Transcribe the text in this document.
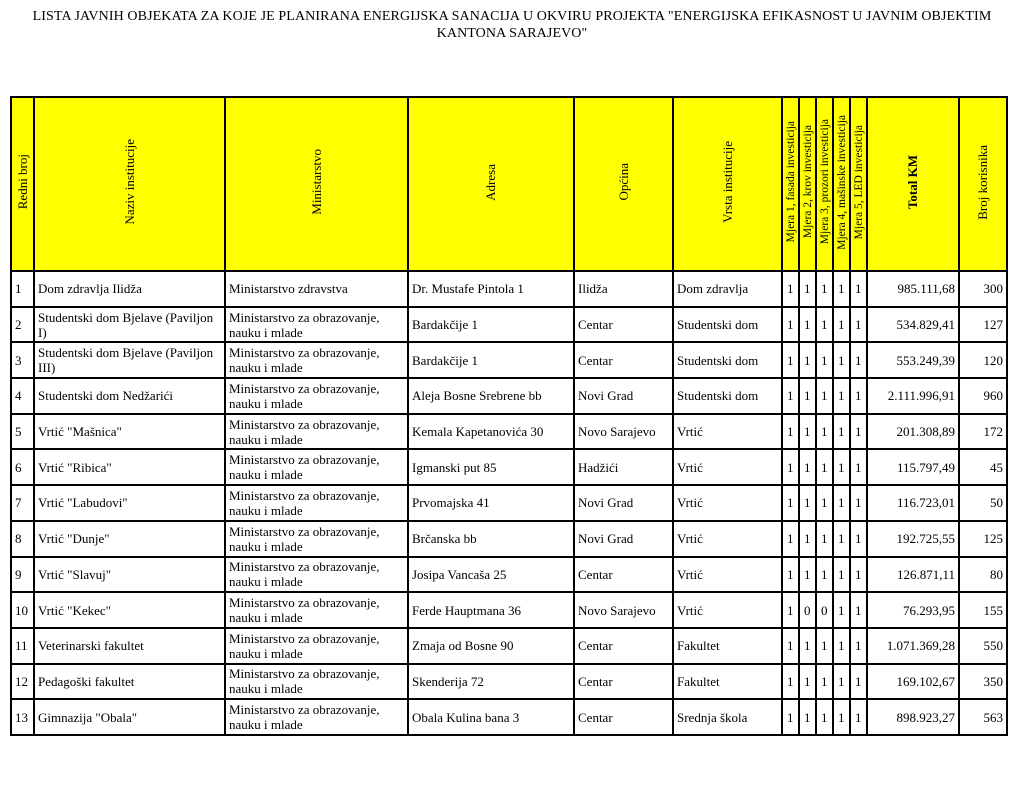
LISTA JAVNIH OBJEKATA ZA KOJE JE PLANIRANA ENERGIJSKA SANACIJA U OKVIRU PROJEKTA "ENERGIJSKA EFIKASNOST U JAVNIM OBJEKTIM
KANTONA SARAJEVO"
Redni broj	Naziv institucije	Ministarstvo	Adresa	Općina	Vrsta institucije	Mjera 1, fasada investicija	Mjera 2, krov investicija	Mjera 3, prozori investicija	Mjera 4, mašinske investicija	Mjera 5, LED investicija	Total KM	Broj korisnika
1	Dom zdravlja Ilidža	Ministarstvo zdravstva	Dr. Mustafe Pintola 1	Ilidža	Dom zdravlja	1	1	1	1	1	985.111,68	300
2	Studentski dom Bjelave (Paviljon I)	Ministarstvo za obrazovanje, nauku i mlade	Bardakčije 1	Centar	Studentski dom	1	1	1	1	1	534.829,41	127
3	Studentski dom Bjelave (Paviljon III)	Ministarstvo za obrazovanje, nauku i mlade	Bardakčije 1	Centar	Studentski dom	1	1	1	1	1	553.249,39	120
4	Studentski dom Nedžarići	Ministarstvo za obrazovanje, nauku i mlade	Aleja Bosne Srebrene bb	Novi Grad	Studentski dom	1	1	1	1	1	2.111.996,91	960
5	Vrtić "Mašnica"	Ministarstvo za obrazovanje, nauku i mlade	Kemala Kapetanovića 30	Novo Sarajevo	Vrtić	1	1	1	1	1	201.308,89	172
6	Vrtić "Ribica"	Ministarstvo za obrazovanje, nauku i mlade	Igmanski put 85	Hadžići	Vrtić	1	1	1	1	1	115.797,49	45
7	Vrtić "Labudovi"	Ministarstvo za obrazovanje, nauku i mlade	Prvomajska 41	Novi Grad	Vrtić	1	1	1	1	1	116.723,01	50
8	Vrtić "Dunje"	Ministarstvo za obrazovanje, nauku i mlade	Brčanska bb	Novi Grad	Vrtić	1	1	1	1	1	192.725,55	125
9	Vrtić "Slavuj"	Ministarstvo za obrazovanje, nauku i mlade	Josipa Vancaša 25	Centar	Vrtić	1	1	1	1	1	126.871,11	80
10	Vrtić "Kekec"	Ministarstvo za obrazovanje, nauku i mlade	Ferde Hauptmana 36	Novo Sarajevo	Vrtić	1	0	0	1	1	76.293,95	155
11	Veterinarski fakultet	Ministarstvo za obrazovanje, nauku i mlade	Zmaja od Bosne 90	Centar	Fakultet	1	1	1	1	1	1.071.369,28	550
12	Pedagoški fakultet	Ministarstvo za obrazovanje, nauku i mlade	Skenderija 72	Centar	Fakultet	1	1	1	1	1	169.102,67	350
13	Gimnazija "Obala"	Ministarstvo za obrazovanje, nauku i mlade	Obala Kulina bana 3	Centar	Srednja škola	1	1	1	1	1	898.923,27	563
